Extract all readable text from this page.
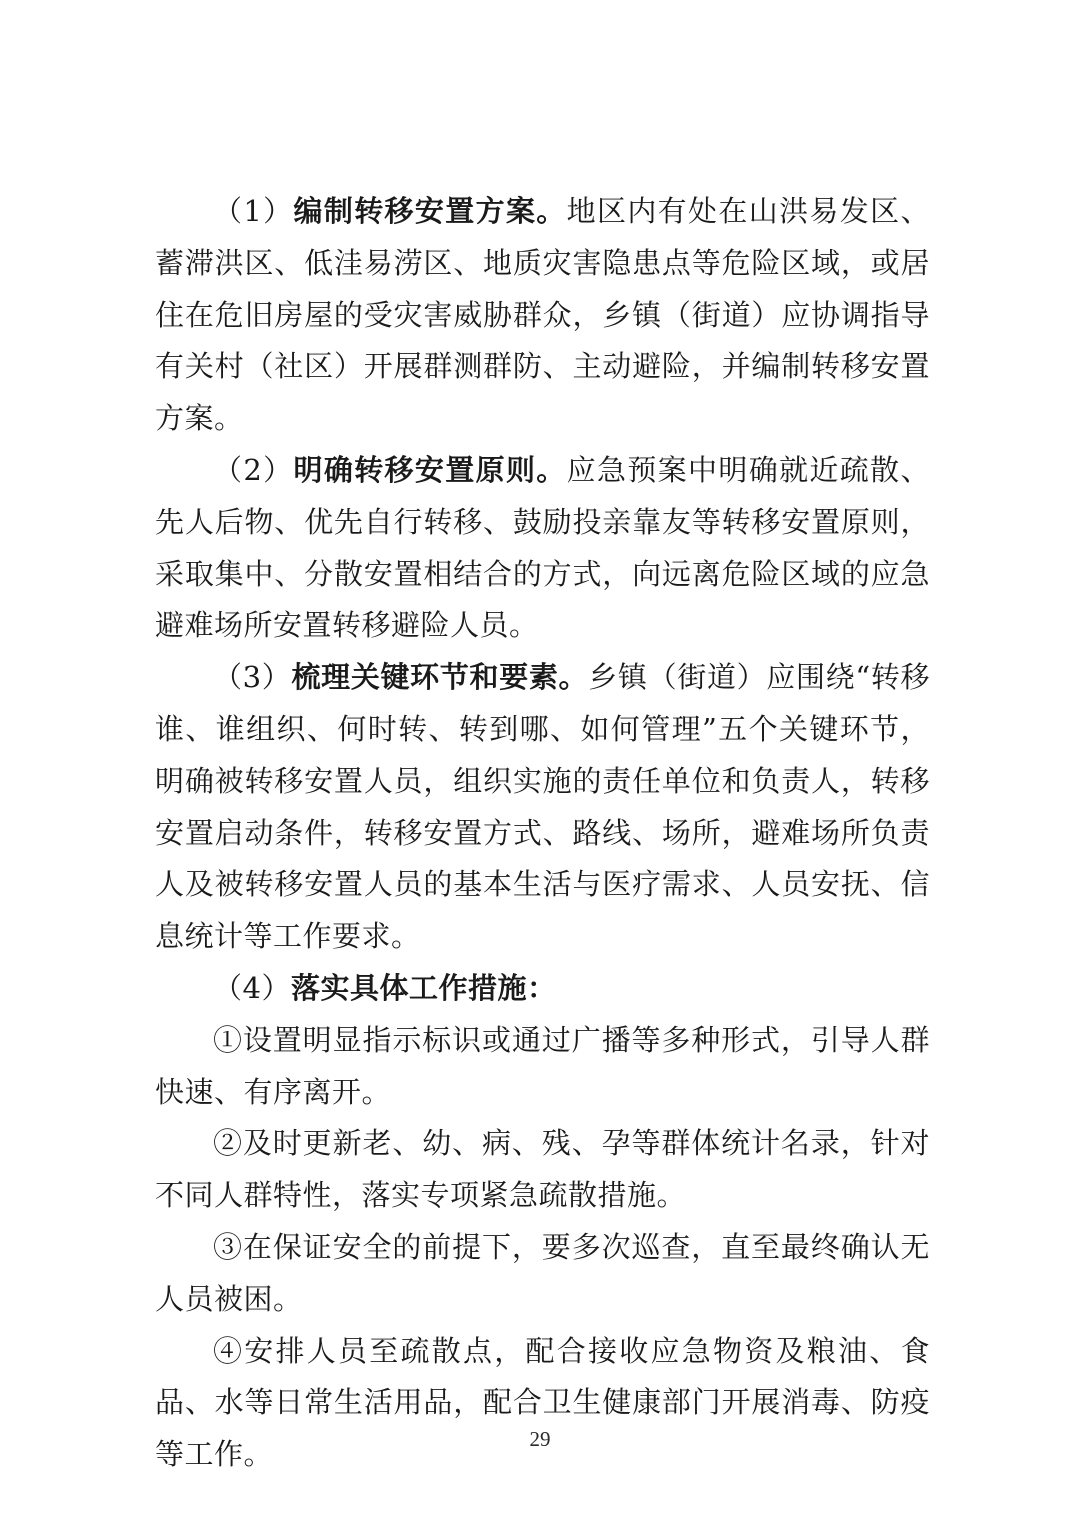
（1）编制转移安置方案。地区内有处在山洪易发区、蓄滞洪区、低洼易涝区、地质灾害隐患点等危险区域，或居住在危旧房屋的受灾害威胁群众，乡镇（街道）应协调指导有关村（社区）开展群测群防、主动避险，并编制转移安置方案。

（2）明确转移安置原则。应急预案中明确就近疏散、先人后物、优先自行转移、鼓励投亲靠友等转移安置原则，采取集中、分散安置相结合的方式，向远离危险区域的应急避难场所安置转移避险人员。

（3）梳理关键环节和要素。乡镇（街道）应围绕“转移谁、谁组织、何时转、转到哪、如何管理”五个关键环节，明确被转移安置人员，组织实施的责任单位和负责人，转移安置启动条件，转移安置方式、路线、场所，避难场所负责人及被转移安置人员的基本生活与医疗需求、人员安抚、信息统计等工作要求。

（4）落实具体工作措施：

①设置明显指示标识或通过广播等多种形式，引导人群快速、有序离开。

②及时更新老、幼、病、残、孕等群体统计名录，针对不同人群特性，落实专项紧急疏散措施。

③在保证安全的前提下，要多次巡查，直至最终确认无人员被困。

④安排人员至疏散点，配合接收应急物资及粮油、食品、水等日常生活用品，配合卫生健康部门开展消毒、防疫等工作。	29
